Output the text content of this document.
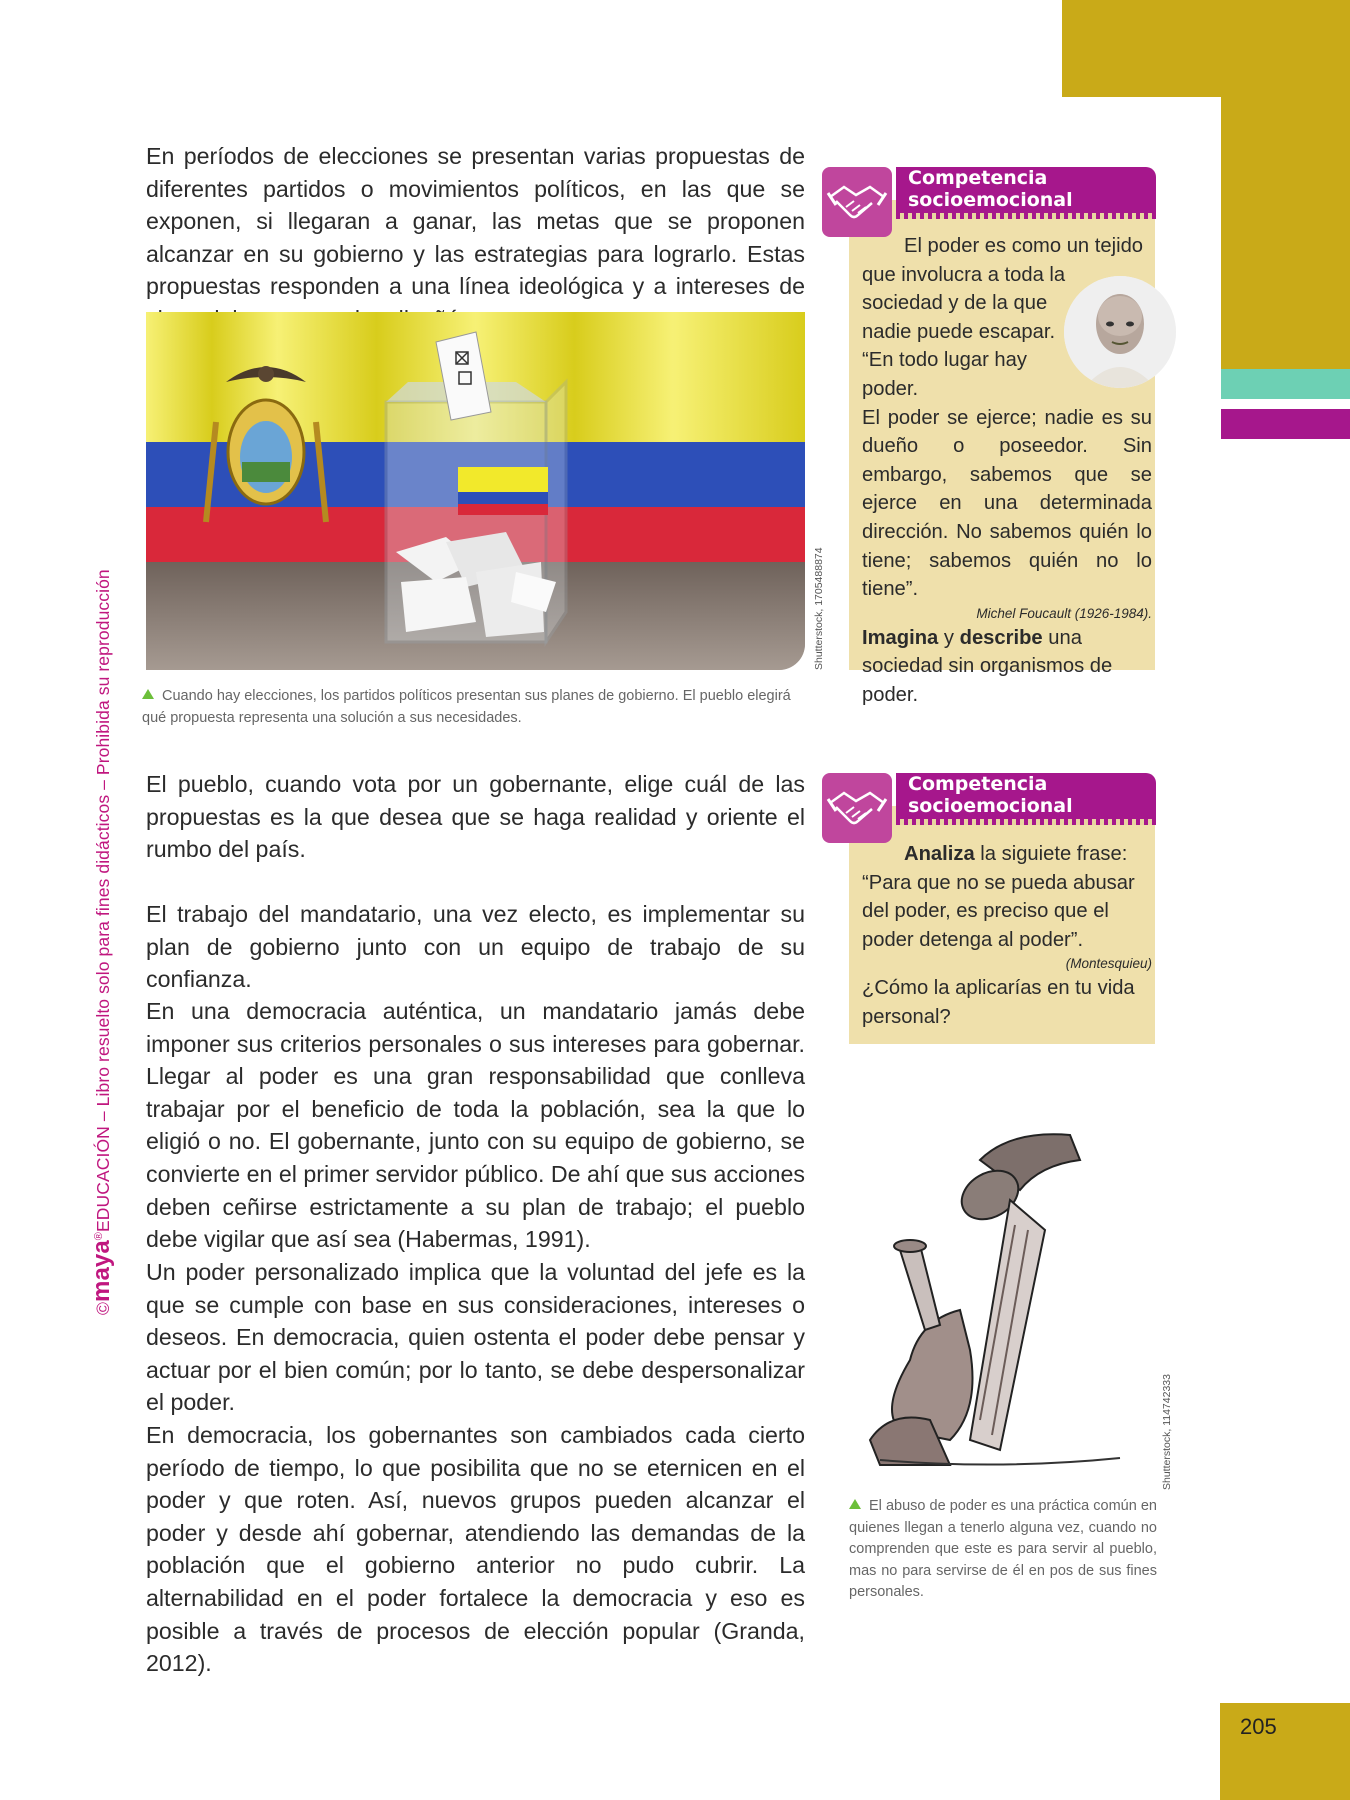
205
©maya®EDUCACIÓN – Libro resuelto solo para fines didácticos – Prohibida su reproducción

En períodos de elecciones se presentan varias propuestas de diferentes partidos o movimientos políticos, en las que se exponen, si llegaran a ganar, las metas que se proponen alcanzar en su gobierno y las estrategias para lograrlo. Estas propuestas responden a una línea ideológica y a intereses de

Shutterstock, 1705488874

Cuando hay elecciones, los partidos políticos presentan sus planes de gobierno. El pueblo elegirá qué propuesta representa una solución a sus necesidades.

El pueblo, cuando vota por un gobernante, elige cuál de las propuestas es la que desea que se haga realidad y oriente el rumbo del país.

El trabajo del mandatario, una vez electo, es implementar su plan de gobierno junto con un equipo de trabajo de su confianza.

En una democracia auténtica, un mandatario jamás debe imponer sus criterios personales o sus intereses para gobernar. Llegar al poder es una gran responsabilidad que conlleva trabajar por el beneficio de toda la población, sea la que lo eligió o no. El gobernante, junto con su equipo de gobierno, se convierte en el primer servidor público. De ahí que sus acciones deben ceñirse estrictamente a su plan de trabajo; el pueblo debe vigilar que así sea (Habermas, 1991).

Un poder personalizado implica que la voluntad del jefe es la que se cumple con base en sus consideraciones, intereses o deseos. En democracia, quien ostenta el poder debe pensar y actuar por el bien común; por lo tanto, se debe despersonalizar el poder.

En democracia, los gobernantes son cambiados cada cierto período de tiempo, lo que posibilita que no se eternicen en el poder y que roten. Así, nuevos grupos pueden alcanzar el poder y desde ahí gobernar, atendiendo las demandas de la población que el gobierno anterior no pudo cubrir. La alternabilidad en el poder fortalece la democracia y eso es posible a través de procesos de elección popular (Granda, 2012).

Competencia
socioemocional
El poder es como un tejido
que involucra a toda la
sociedad y de la que
nadie puede escapar.
“En todo lugar hay
poder.
El poder se ejerce; nadie es su dueño o poseedor. Sin embargo, sabemos que se ejerce en una determinada dirección. No sabemos quién lo tiene; sabemos quién no lo tiene”.
Michel Foucault (1926-1984).
Imagina y describe una sociedad sin organismos de poder.
Competencia
socioemocional
Analiza la siguiete frase:
“Para que no se pueda abusar del poder, es preciso que el poder detenga al poder”.
(Montesquieu)
¿Cómo la aplicarías en tu vida personal?
Shutterstock, 114742333

El abuso de poder es una práctica común en quienes llegan a tenerlo alguna vez, cuando no comprenden que este es para servir al pueblo, mas no para servirse de él en pos de sus fines personales.
